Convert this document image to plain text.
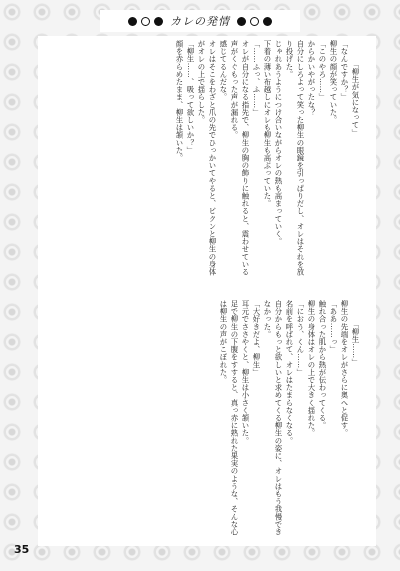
カレの発情

「柳生が気になって」
「なんですか？」
柳生の顔が笑っていた。
「このやろ……」
からかいやがったな？
自分にしろよって笑った柳生の眼鏡を引っぱりだし、オレはそれを放り投げた。
じゃれあうようにつけ合いながらオレの熱も高まっていく。
下着の薄い布越しにオレも柳生も高ぶっていた。
「……ふっ、ふ……」
オレが自分になる指先で、柳生の胸の飾りに触れると、震わせている声がくぐもった声が漏れる。
感じてるんだな。
オレはそこをわざと爪の先でひっかいてやると、ビクンと柳生の身体がオレの上で揺らした。
「柳生……、吸って欲しいか？」
顔を赤らめたまま、柳生は頷いた。

「柳生……」
柳生の先端をオレがさらに奥へと促す。
「ああ……っ」
触れ合った肌から熱が伝わってくる。
柳生の身体はオレの上で大きく揺れた。
「におう、くん……」
名前を呼ばれて、オレはたまらなくなる。
自分からもっと欲しいと求めてくる柳生の姿に、オレはもう我慢できなかった。
「大好きだよ、柳生」
耳元でささやくと、柳生は小さく頷いた。
足で柳生の下腹をすすると、真っ赤に熟れた果実のような、そんな心は柳生の声がこぼれた。

35
